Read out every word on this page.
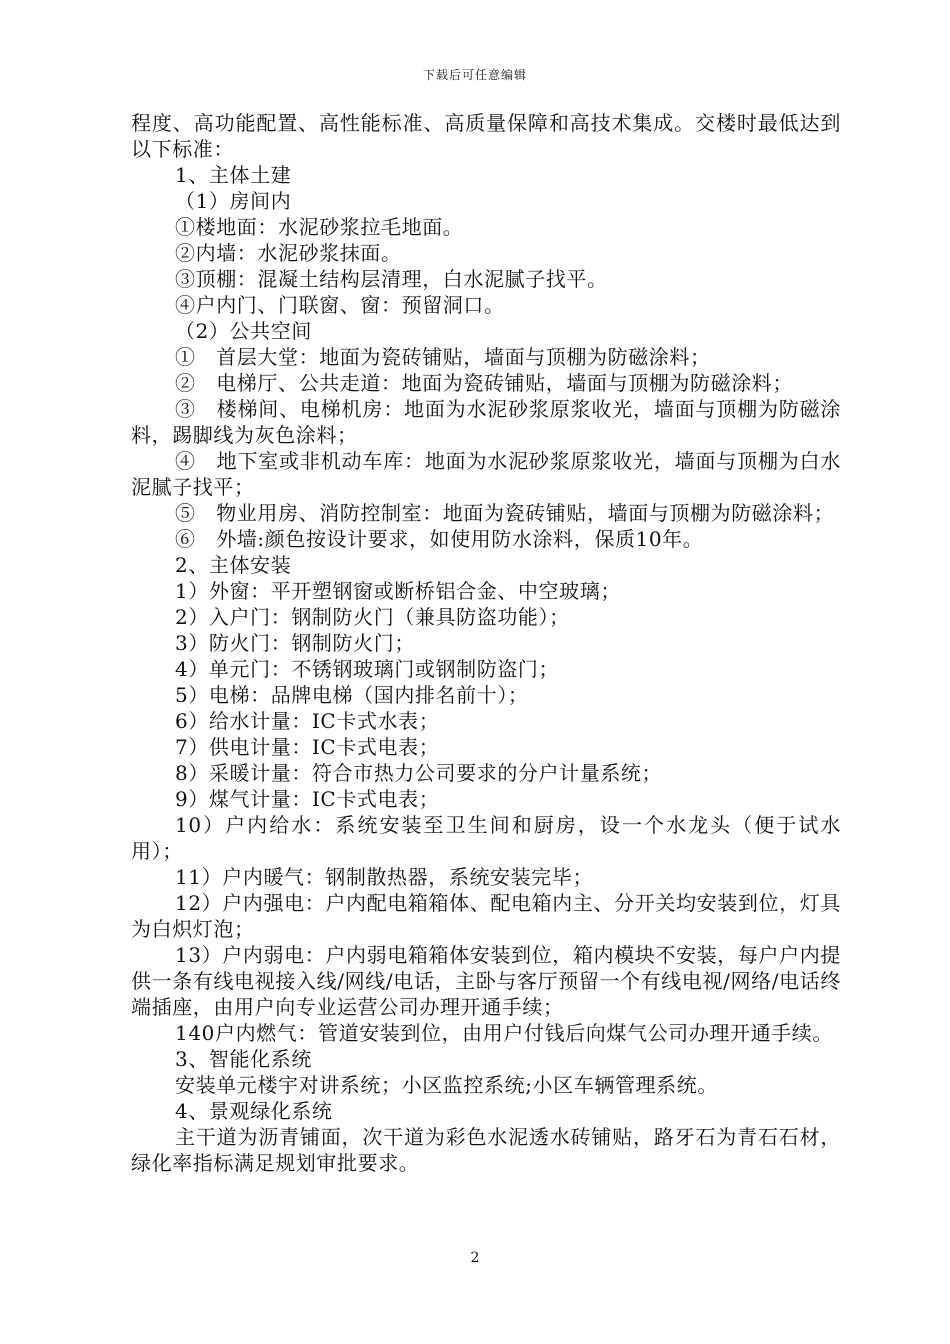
下载后可任意编辑

程度、高功能配置、高性能标准、高质量保障和高技术集成。交楼时最低达到以下标准：

1、主体土建

（1）房间内

①楼地面：水泥砂浆拉毛地面。

②内墙：水泥砂浆抹面。

③顶棚：混凝土结构层清理，白水泥腻子找平。

④户内门、门联窗、窗：预留洞口。

（2）公共空间

①　首层大堂：地面为瓷砖铺贴，墙面与顶棚为防磁涂料；

②　电梯厅、公共走道：地面为瓷砖铺贴，墙面与顶棚为防磁涂料；

③　楼梯间、电梯机房：地面为水泥砂浆原浆收光，墙面与顶棚为防磁涂料，踢脚线为灰色涂料；

④　地下室或非机动车库：地面为水泥砂浆原浆收光，墙面与顶棚为白水泥腻子找平；

⑤　物业用房、消防控制室：地面为瓷砖铺贴，墙面与顶棚为防磁涂料；

⑥　外墙:颜色按设计要求，如使用防水涂料，保质10年。

2、主体安装

1）外窗：平开塑钢窗或断桥铝合金、中空玻璃；

2）入户门：钢制防火门（兼具防盗功能）；

3）防火门：钢制防火门；

4）单元门：不锈钢玻璃门或钢制防盗门；

5）电梯：品牌电梯（国内排名前十）；

6）给水计量：IC卡式水表；

7）供电计量：IC卡式电表；

8）采暖计量：符合市热力公司要求的分户计量系统；

9）煤气计量：IC卡式电表；

10）户内给水：系统安装至卫生间和厨房，设一个水龙头（便于试水用）；

11）户内暖气：钢制散热器，系统安装完毕；

12）户内强电：户内配电箱箱体、配电箱内主、分开关均安装到位，灯具为白炽灯泡；

13）户内弱电：户内弱电箱箱体安装到位，箱内模块不安装，每户户内提供一条有线电视接入线/网线/电话，主卧与客厅预留一个有线电视/网络/电话终端插座，由用户向专业运营公司办理开通手续；

140户内燃气：管道安装到位，由用户付钱后向煤气公司办理开通手续。

3、智能化系统

安装单元楼宇对讲系统；小区监控系统;小区车辆管理系统。

4、景观绿化系统

主干道为沥青铺面，次干道为彩色水泥透水砖铺贴，路牙石为青石石材，绿化率指标满足规划审批要求。

2
